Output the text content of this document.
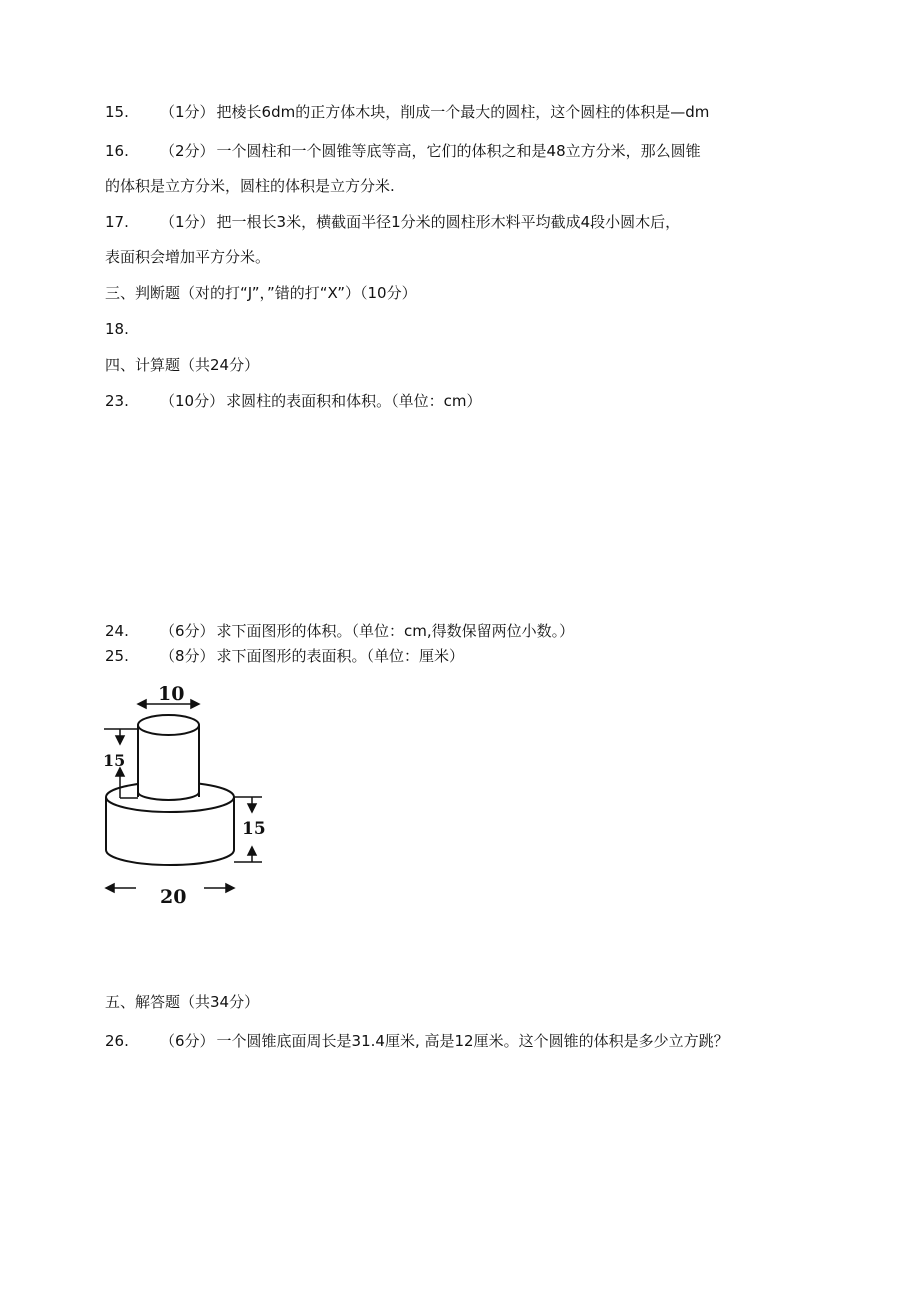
15. （1分） 把棱长6dm的正方体木块，削成一个最大的圆柱，这个圆柱的体积是—dm
16. （2分） 一个圆柱和一个圆锥等底等高，它们的体积之和是48立方分米，那么圆锥
的体积是立方分米，圆柱的体积是立方分米.
17. （1分） 把一根长3米，横截面半径1分米的圆柱形木料平均截成4段小圆木后，
表面积会增加平方分米。
三、判断题（对的打“J”，”错的打“X”）（10分）
18.
四、计算题（共24分）
23. （10分） 求圆柱的表面积和体积。（单位：cm）
24. （6分） 求下面图形的体积。（单位：cm,得数保留两位小数。）
25. （8分） 求下面图形的表面积。（单位：厘米）
10
15
15
20
五、解答题（共34分）
26. （6分） 一个圆锥底面周长是31.4厘米, 高是12厘米。这个圆锥的体积是多少立方跳？
